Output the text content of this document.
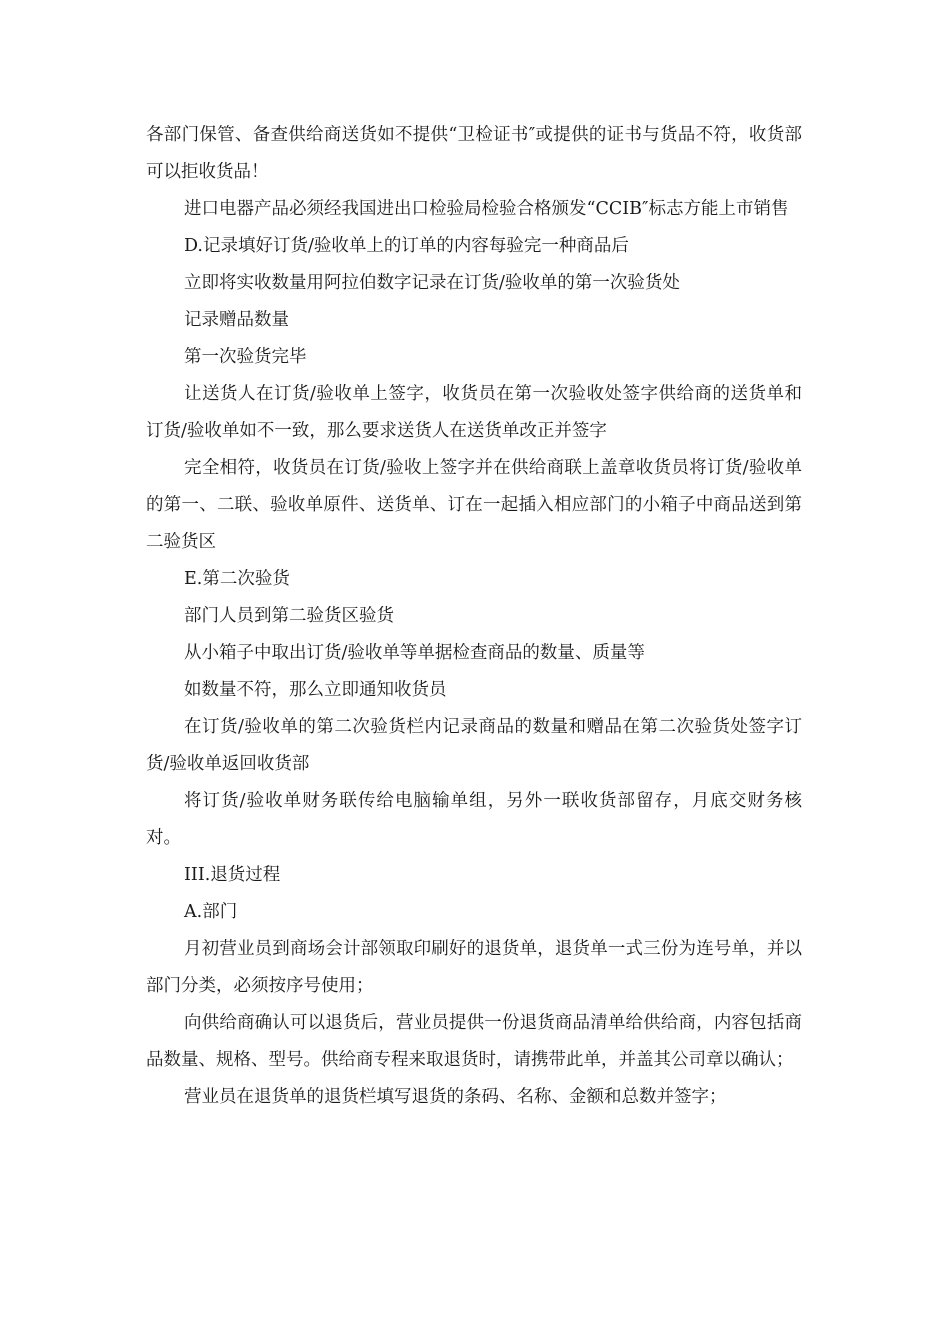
各部门保管、备查供给商送货如不提供“卫检证书″或提供的证书与货品不符，收货部可以拒收货品！

进口电器产品必须经我国进出口检验局检验合格颁发“CCIB″标志方能上市销售

D.记录填好订货/验收单上的订单的内容每验完一种商品后

立即将实收数量用阿拉伯数字记录在订货/验收单的第一次验货处

记录赠品数量

第一次验货完毕

让送货人在订货/验收单上签字，收货员在第一次验收处签字供给商的送货单和订货/验收单如不一致，那么要求送货人在送货单改正并签字

完全相符，收货员在订货/验收上签字并在供给商联上盖章收货员将订货/验收单的第一、二联、验收单原件、送货单、订在一起插入相应部门的小箱子中商品送到第二验货区

E.第二次验货

部门人员到第二验货区验货

从小箱子中取出订货/验收单等单据检查商品的数量、质量等

如数量不符，那么立即通知收货员

在订货/验收单的第二次验货栏内记录商品的数量和赠品在第二次验货处签字订货/验收单返回收货部

将订货/验收单财务联传给电脑输单组，另外一联收货部留存，月底交财务核对。

III.退货过程

A.部门

月初营业员到商场会计部领取印刷好的退货单，退货单一式三份为连号单，并以部门分类，必须按序号使用；

向供给商确认可以退货后，营业员提供一份退货商品清单给供给商，内容包括商品数量、规格、型号。供给商专程来取退货时，请携带此单，并盖其公司章以确认；

营业员在退货单的退货栏填写退货的条码、名称、金额和总数并签字；
